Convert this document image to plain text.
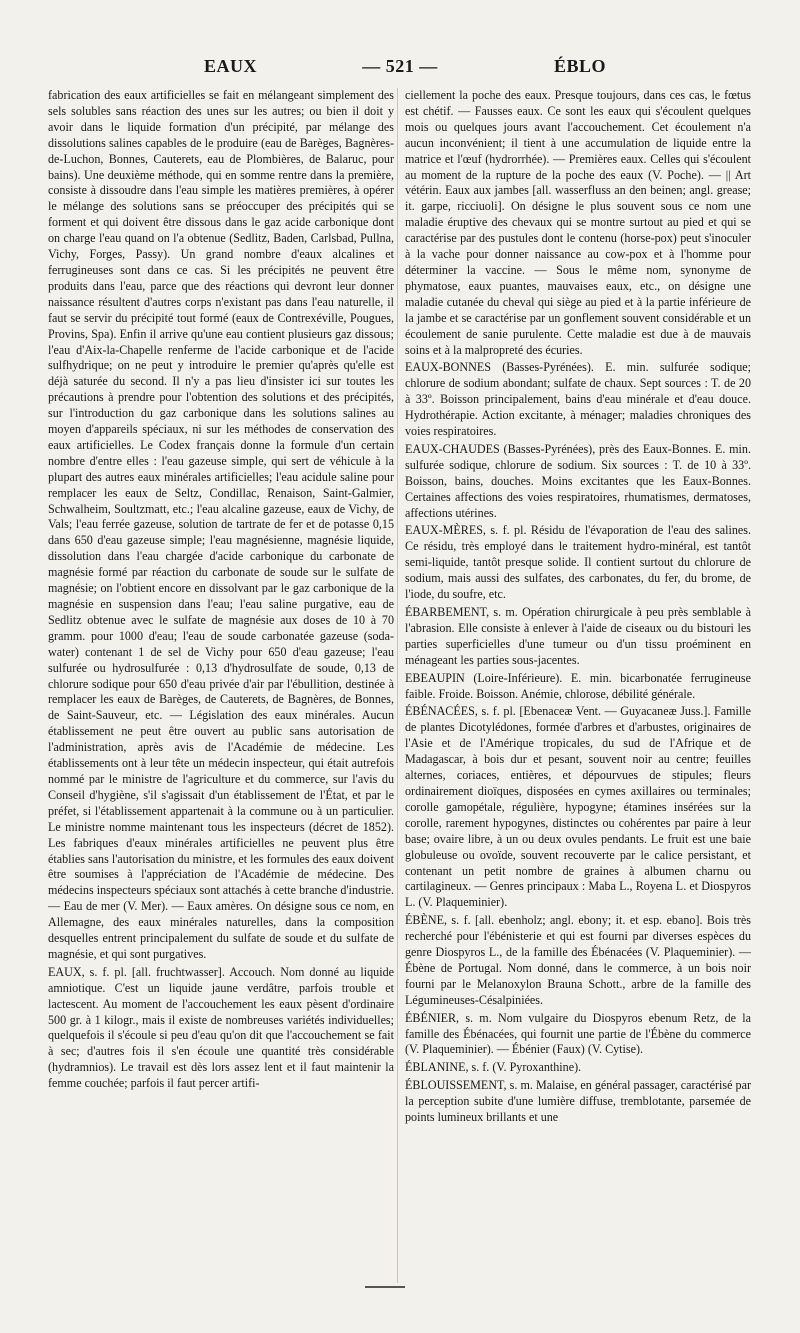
EAUX	— 521 —	ÉBLO

fabrication des eaux artificielles se fait en mélangeant simplement des sels solubles sans réaction des unes sur les autres; ou bien il doit y avoir dans le liquide formation d'un précipité, par mélange des dissolutions salines capables de le produire (eau de Barèges, Bagnères-de-Luchon, Bonnes, Cauterets, eau de Plombières, de Balaruc, pour bains). Une deuxième méthode, qui en somme rentre dans la première, consiste à dissoudre dans l'eau simple les matières premières, à opérer le mélange des solutions sans se préoccuper des précipités qui se forment et qui doivent être dissous dans le gaz acide carbonique dont on charge l'eau quand on l'a obtenue (Sedlitz, Baden, Carlsbad, Pullna, Vichy, Forges, Passy). Un grand nombre d'eaux alcalines et ferrugineuses sont dans ce cas. Si les précipités ne peuvent être produits dans l'eau, parce que des réactions qui devront leur donner naissance résultent d'autres corps n'existant pas dans l'eau naturelle, il faut se servir du précipité tout formé (eaux de Contrexéville, Pougues, Provins, Spa). Enfin il arrive qu'une eau contient plusieurs gaz dissous; l'eau d'Aix-la-Chapelle renferme de l'acide carbonique et de l'acide sulfhydrique; on ne peut y introduire le premier qu'après qu'elle est déjà saturée du second. Il n'y a pas lieu d'insister ici sur toutes les précautions à prendre pour l'obtention des solutions et des précipités, sur l'introduction du gaz carbonique dans les solutions salines au moyen d'appareils spéciaux, ni sur les méthodes de conservation des eaux artificielles. Le Codex français donne la formule d'un certain nombre d'entre elles : l'eau gazeuse simple, qui sert de véhicule à la plupart des autres eaux minérales artificielles; l'eau acidule saline pour remplacer les eaux de Seltz, Condillac, Renaison, Saint-Galmier, Schwalheim, Soultzmatt, etc.; l'eau alcaline gazeuse, eaux de Vichy, de Vals; l'eau ferrée gazeuse, solution de tartrate de fer et de potasse 0,15 dans 650 d'eau gazeuse simple; l'eau magnésienne, magnésie liquide, dissolution dans l'eau chargée d'acide carbonique du carbonate de magnésie formé par réaction du carbonate de soude sur le sulfate de magnésie; on l'obtient encore en dissolvant par le gaz carbonique de la magnésie en suspension dans l'eau; l'eau saline purgative, eau de Sedlitz obtenue avec le sulfate de magnésie aux doses de 10 à 70 gramm. pour 1000 d'eau; l'eau de soude carbonatée gazeuse (soda-water) contenant 1 de sel de Vichy pour 650 d'eau gazeuse; l'eau sulfurée ou hydrosulfurée : 0,13 d'hydrosulfate de soude, 0,13 de chlorure sodique pour 650 d'eau privée d'air par l'ébullition, destinée à remplacer les eaux de Barèges, de Cauterets, de Bagnères, de Bonnes, de Saint-Sauveur, etc. — Législation des eaux minérales. Aucun établissement ne peut être ouvert au public sans autorisation de l'administration, après avis de l'Académie de médecine. Les établissements ont à leur tête un médecin inspecteur, qui était autrefois nommé par le ministre de l'agriculture et du commerce, sur l'avis du Conseil d'hygiène, s'il s'agissait d'un établissement de l'État, et par le préfet, si l'établissement appartenait à la commune ou à un particulier. Le ministre nomme maintenant tous les inspecteurs (décret de 1852). Les fabriques d'eaux minérales artificielles ne peuvent plus être établies sans l'autorisation du ministre, et les formules des eaux doivent être soumises à l'appréciation de l'Académie de médecine. Des médecins inspecteurs spéciaux sont attachés à cette branche d'industrie. — Eau de mer (V. Mer). — Eaux amères. On désigne sous ce nom, en Allemagne, des eaux minérales naturelles, dans la composition desquelles entrent principalement du sulfate de soude et du sulfate de magnésie, et qui sont purgatives.

EAUX, s. f. pl. [all. fruchtwasser]. Accouch. Nom donné au liquide amniotique. C'est un liquide jaune verdâtre, parfois trouble et lactescent. Au moment de l'accouchement les eaux pèsent d'ordinaire 500 gr. à 1 kilogr., mais il existe de nombreuses variétés individuelles; quelquefois il s'écoule si peu d'eau qu'on dit que l'accouchement se fait à sec; d'autres fois il s'en écoule une quantité très considérable (hydramnios). Le travail est dès lors assez lent et il faut maintenir la femme couchée; parfois il faut percer artifi-

ciellement la poche des eaux. Presque toujours, dans ces cas, le fœtus est chétif. — Fausses eaux. Ce sont les eaux qui s'écoulent quelques mois ou quelques jours avant l'accouchement. Cet écoulement n'a aucun inconvénient; il tient à une accumulation de liquide entre la matrice et l'œuf (hydrorrhée). — Premières eaux. Celles qui s'écoulent au moment de la rupture de la poche des eaux (V. Poche). — || Art vétérin. Eaux aux jambes [all. wasserfluss an den beinen; angl. grease; it. garpe, ricciuoli]. On désigne le plus souvent sous ce nom une maladie éruptive des chevaux qui se montre surtout au pied et qui se caractérise par des pustules dont le contenu (horse-pox) peut s'inoculer à la vache pour donner naissance au cow-pox et à l'homme pour déterminer la vaccine. — Sous le même nom, synonyme de phymatose, eaux puantes, mauvaises eaux, etc., on désigne une maladie cutanée du cheval qui siège au pied et à la partie inférieure de la jambe et se caractérise par un gonflement souvent considérable et un écoulement de sanie purulente. Cette maladie est due à de mauvais soins et à la malpropreté des écuries.

EAUX-BONNES (Basses-Pyrénées). E. min. sulfurée sodique; chlorure de sodium abondant; sulfate de chaux. Sept sources : T. de 20 à 33º. Boisson principalement, bains d'eau minérale et d'eau douce. Hydrothérapie. Action excitante, à ménager; maladies chroniques des voies respiratoires.

EAUX-CHAUDES (Basses-Pyrénées), près des Eaux-Bonnes. E. min. sulfurée sodique, chlorure de sodium. Six sources : T. de 10 à 33º. Boisson, bains, douches. Moins excitantes que les Eaux-Bonnes. Certaines affections des voies respiratoires, rhumatismes, dermatoses, affections utérines.

EAUX-MÈRES, s. f. pl. Résidu de l'évaporation de l'eau des salines. Ce résidu, très employé dans le traitement hydro-minéral, est tantôt semi-liquide, tantôt presque solide. Il contient surtout du chlorure de sodium, mais aussi des sulfates, des carbonates, du fer, du brome, de l'iode, du soufre, etc.

ÉBARBEMENT, s. m. Opération chirurgicale à peu près semblable à l'abrasion. Elle consiste à enlever à l'aide de ciseaux ou du bistouri les parties superficielles d'une tumeur ou d'un tissu proéminent en ménageant les parties sous-jacentes.

EBEAUPIN (Loire-Inférieure). E. min. bicarbonatée ferrugineuse faible. Froide. Boisson. Anémie, chlorose, débilité générale.

ÉBÉNACÉES, s. f. pl. [Ebenaceæ Vent. — Guyacaneæ Juss.]. Famille de plantes Dicotylédones, formée d'arbres et d'arbustes, originaires de l'Asie et de l'Amérique tropicales, du sud de l'Afrique et de Madagascar, à bois dur et pesant, souvent noir au centre; feuilles alternes, coriaces, entières, et dépourvues de stipules; fleurs ordinairement dioïques, disposées en cymes axillaires ou terminales; corolle gamopétale, régulière, hypogyne; étamines insérées sur la corolle, rarement hypogynes, distinctes ou cohérentes par paire à leur base; ovaire libre, à un ou deux ovules pendants. Le fruit est une baie globuleuse ou ovoïde, souvent recouverte par le calice persistant, et contenant un petit nombre de graines à albumen charnu ou cartilagineux. — Genres principaux : Maba L., Royena L. et Diospyros L. (V. Plaqueminier).

ÉBÈNE, s. f. [all. ebenholz; angl. ebony; it. et esp. ebano]. Bois très recherché pour l'ébénisterie et qui est fourni par diverses espèces du genre Diospyros L., de la famille des Ébénacées (V. Plaqueminier). — Ébène de Portugal. Nom donné, dans le commerce, à un bois noir fourni par le Melanoxylon Brauna Schott., arbre de la famille des Légumineuses-Césalpiniées.

ÉBÉNIER, s. m. Nom vulgaire du Diospyros ebenum Retz, de la famille des Ébénacées, qui fournit une partie de l'Ébène du commerce (V. Plaqueminier). — Ébénier (Faux) (V. Cytise).

ÉBLANINE, s. f. (V. Pyroxanthine).

ÉBLOUISSEMENT, s. m. Malaise, en général passager, caractérisé par la perception subite d'une lumière diffuse, tremblotante, parsemée de points lumineux brillants et une
